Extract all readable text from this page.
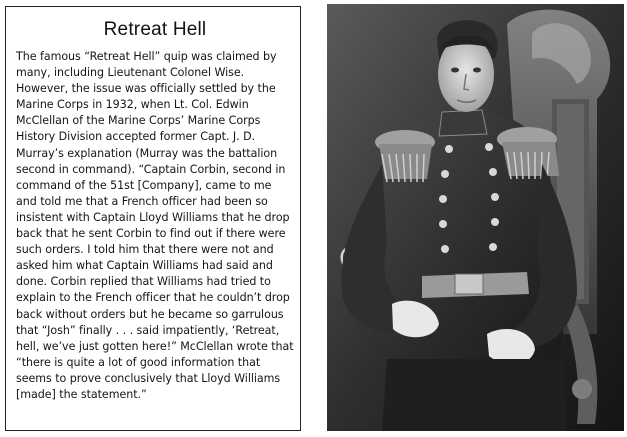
Retreat Hell

The famous “Retreat Hell” quip was claimed by many, including Lieutenant Colonel Wise. However, the issue was officially settled by the Marine Corps in 1932, when Lt. Col. Edwin McClellan of the Marine Corps’ Marine Corps History Division accepted former Capt. J. D. Murray’s explanation (Murray was the battalion second in command). “Captain Corbin, second in command of the 51st [Company], came to me and told me that a French officer had been so insistent with Captain Lloyd Williams that he drop back that he sent Corbin to find out if there were such orders. I told him that there were not and asked him what Captain Williams had said and done. Corbin replied that Williams had tried to explain to the French officer that he couldn’t drop back without orders but he became so garrulous that “Josh” finally . . . said impatiently, ‘Retreat, hell, we’ve just gotten here!” McClellan wrote that “there is quite a lot of good information that seems to prove conclusively that Lloyd Williams [made] the statement.”
